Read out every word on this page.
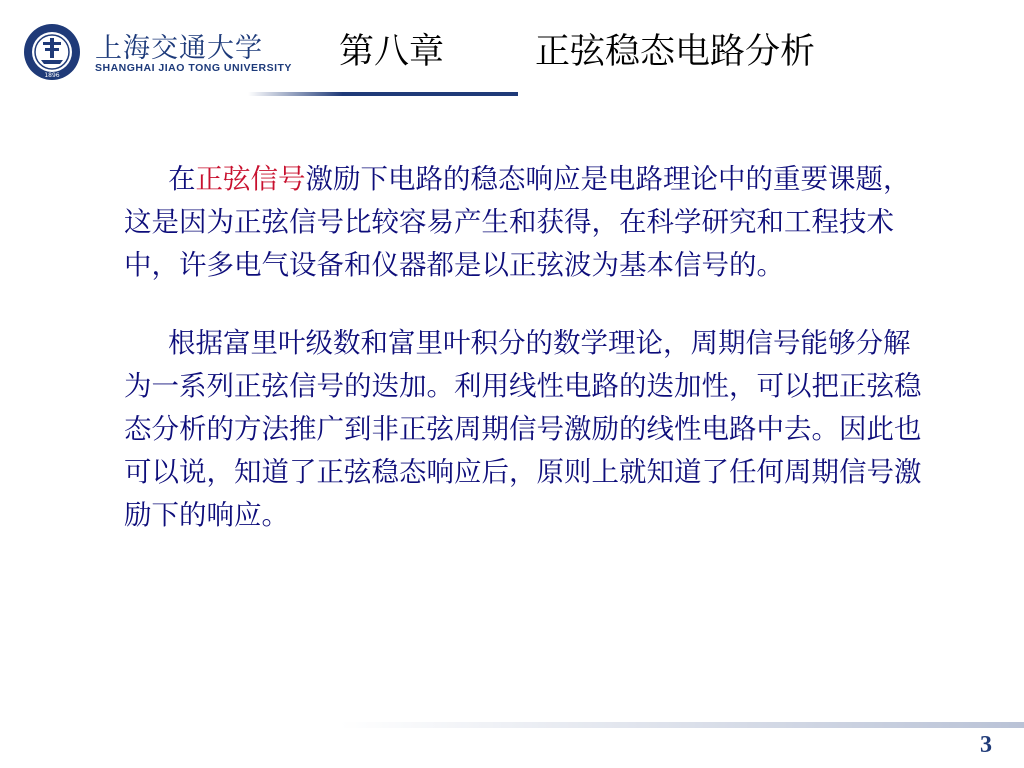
1896
上海交通大学
SHANGHAI JIAO TONG UNIVERSITY 第八章	正弦稳态电路分析

在正弦信号激励下电路的稳态响应是电路理论中的重要课题，这是因为正弦信号比较容易产生和获得，在科学研究和工程技术中，许多电气设备和仪器都是以正弦波为基本信号的。

根据富里叶级数和富里叶积分的数学理论，周期信号能够分解为一系列正弦信号的迭加。利用线性电路的迭加性，可以把正弦稳态分析的方法推广到非正弦周期信号激励的线性电路中去。因此也可以说，知道了正弦稳态响应后，原则上就知道了任何周期信号激励下的响应。

3
